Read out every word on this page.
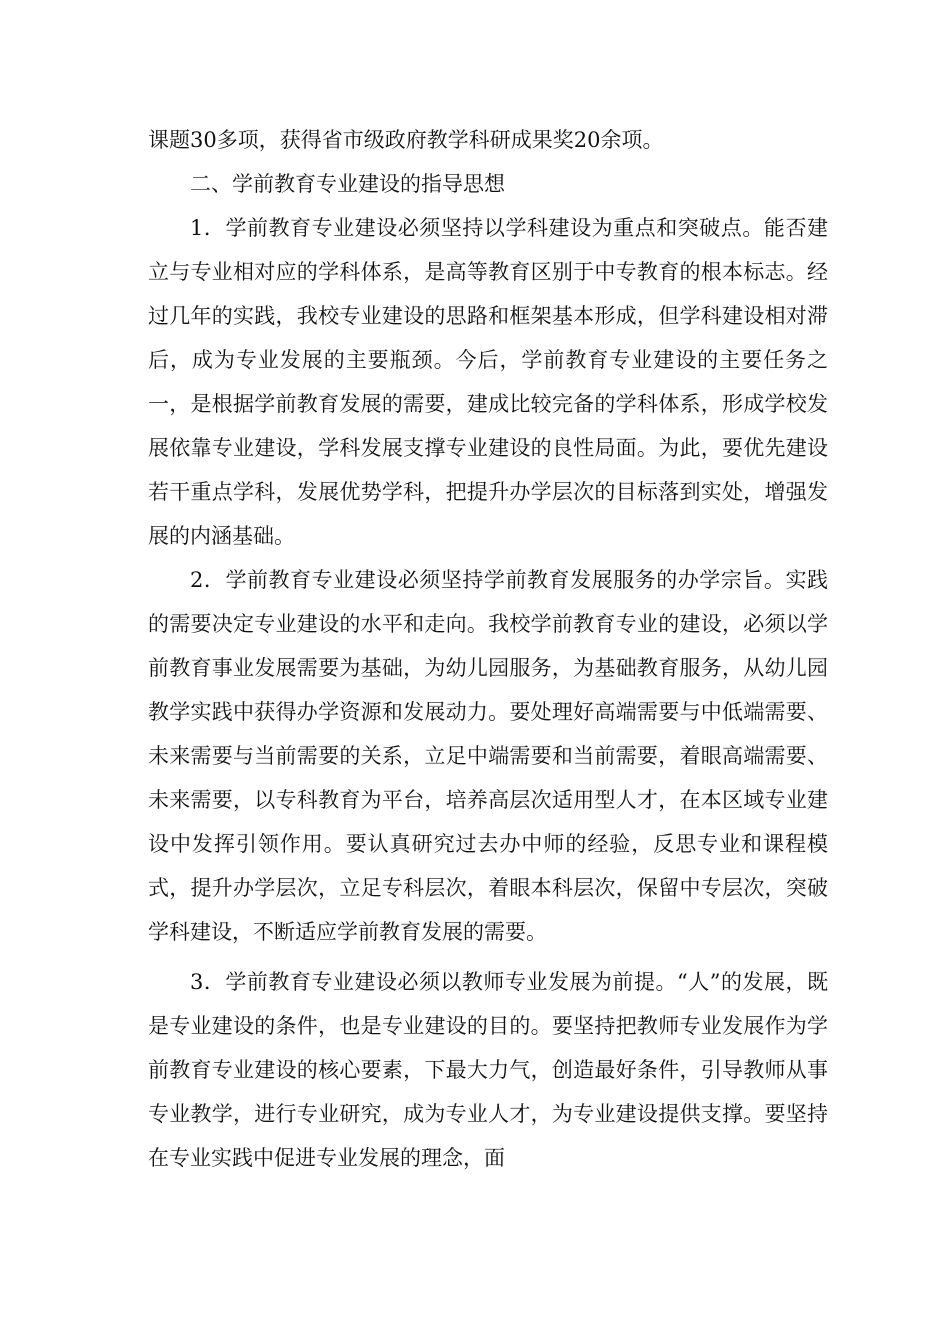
课题30多项，获得省市级政府教学科研成果奖20余项。

二、学前教育专业建设的指导思想

1．学前教育专业建设必须坚持以学科建设为重点和突破点。能否建立与专业相对应的学科体系，是高等教育区别于中专教育的根本标志。经过几年的实践，我校专业建设的思路和框架基本形成，但学科建设相对滞后，成为专业发展的主要瓶颈。今后，学前教育专业建设的主要任务之一，是根据学前教育发展的需要，建成比较完备的学科体系，形成学校发展依靠专业建设，学科发展支撑专业建设的良性局面。为此，要优先建设若干重点学科，发展优势学科，把提升办学层次的目标落到实处，增强发展的内涵基础。

2．学前教育专业建设必须坚持学前教育发展服务的办学宗旨。实践的需要决定专业建设的水平和走向。我校学前教育专业的建设，必须以学前教育事业发展需要为基础，为幼儿园服务，为基础教育服务，从幼儿园教学实践中获得办学资源和发展动力。要处理好高端需要与中低端需要、未来需要与当前需要的关系，立足中端需要和当前需要，着眼高端需要、未来需要，以专科教育为平台，培养高层次适用型人才，在本区域专业建设中发挥引领作用。要认真研究过去办中师的经验，反思专业和课程模式，提升办学层次，立足专科层次，着眼本科层次，保留中专层次，突破学科建设，不断适应学前教育发展的需要。

3．学前教育专业建设必须以教师专业发展为前提。“人”的发展，既是专业建设的条件，也是专业建设的目的。要坚持把教师专业发展作为学前教育专业建设的核心要素，下最大力气，创造最好条件，引导教师从事专业教学，进行专业研究，成为专业人才，为专业建设提供支撑。要坚持在专业实践中促进专业发展的理念，面
